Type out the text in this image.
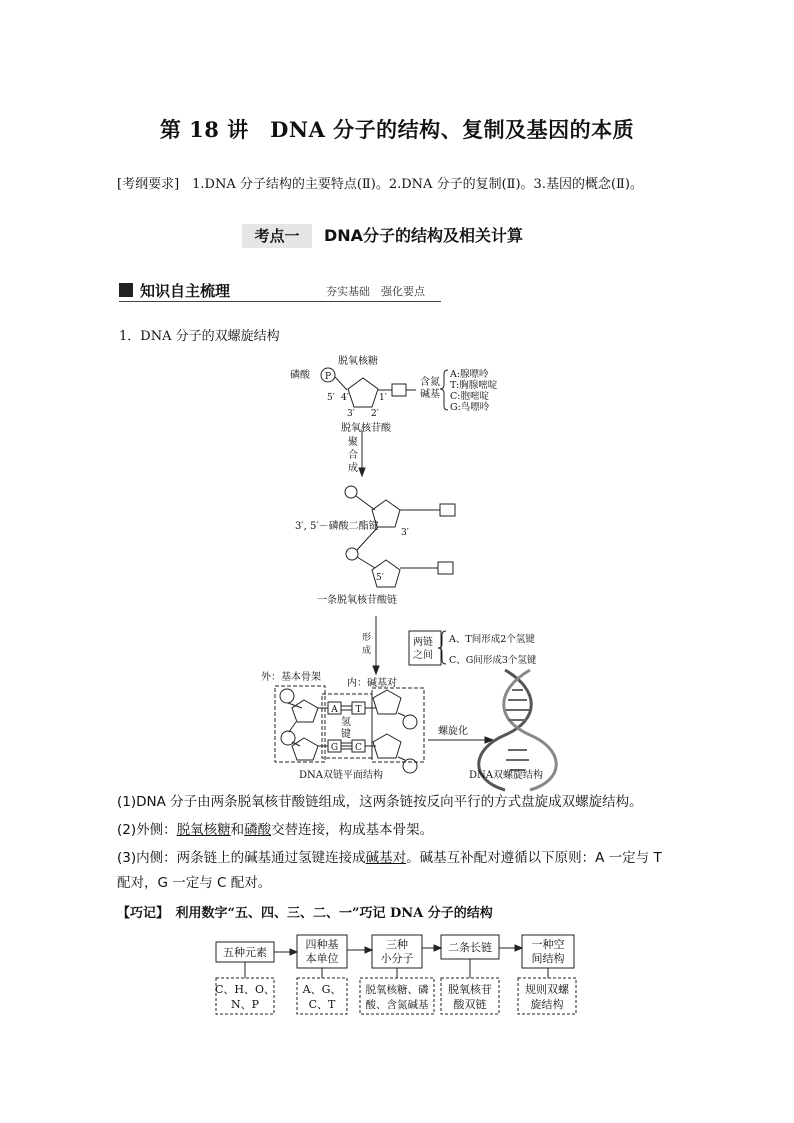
第 18 讲　DNA 分子的结构、复制及基因的本质
[考纲要求]　1.DNA 分子结构的主要特点(Ⅱ)。2.DNA 分子的复制(Ⅱ)。3.基因的概念(Ⅱ)。
考点一	DNA分子的结构及相关计算
知识自主梳理	夯实基础　强化要点
1．DNA 分子的双螺旋结构
磷酸 P
脱氧核糖
含氮
碱基
A:腺嘌呤
T:胸腺嘧啶
C:胞嘧啶
G:鸟嘌呤
5′ 4′
3′ 2′
1′
脱氧核苷酸
聚
合
成
3′, 5′－磷酸二酯键
3′
5′
一条脱氧核苷酸链
形
成
两链
之间
A、T间形成2个氢键
C、G间形成3个氢键
外：基本骨架
内：碱基对
A T
G C
氢
键	螺旋化
DNA双链平面结构	DNA双螺旋结构
(1)DNA 分子由两条脱氧核苷酸链组成，这两条链按反向平行的方式盘旋成双螺旋结构。
(2)外侧：脱氧核糖和磷酸交替连接，构成基本骨架。
(3)内侧：两条链上的碱基通过氢键连接成碱基对。碱基互补配对遵循以下原则：A 一定与 T
配对，G 一定与 C 配对。
【巧记】　利用数字“五、四、三、二、一”巧记 DNA 分子的结构
五种元素
四种基
本单位
三种
小分子
二条长链	一种空
间结构
C、H、O、
N、P
A、G、
C、T
脱氧核糖、磷
酸、含氮碱基
脱氧核苷
酸双链
规则双螺
旋结构
